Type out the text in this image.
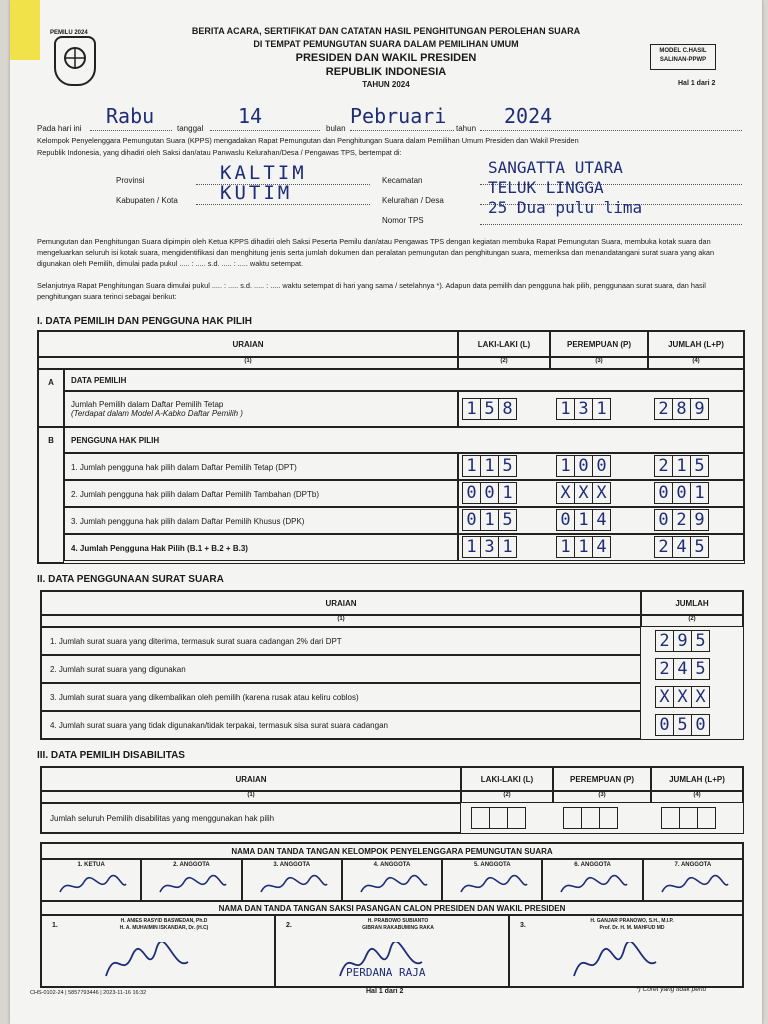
PEMILU 2024	BERITA ACARA, SERTIFIKAT DAN CATATAN HASIL PENGHITUNGAN PEROLEHAN SUARA
DI TEMPAT PEMUNGUTAN SUARA DALAM PEMILIHAN UMUM
PRESIDEN DAN WAKIL PRESIDEN
REPUBLIK INDONESIA
TAHUN 2024
MODEL C.HASIL SALINAN-PPWP
Hal 1 dari 2
Pada hari ini
Rabu
tanggal
14
bulan
Pebruari
tahun
2024
Kelompok Penyelenggara Pemungutan Suara (KPPS) mengadakan Rapat Pemungutan dan Penghitungan Suara dalam Pemilihan Umum Presiden dan Wakil Presiden
Republik Indonesia, yang dihadiri oleh Saksi dan/atau Panwaslu Kelurahan/Desa / Pengawas TPS, bertempat di:
Provinsi	KALTIM
Kabupaten / Kota KUTIM
Kecamatan
SANGATTA UTARA
Kelurahan / Desa
TELUK LINGGA
Nomor TPS
25 Dua pulu lima
Pemungutan dan Penghitungan Suara dipimpin oleh Ketua KPPS dihadiri oleh Saksi Peserta Pemilu dan/atau Pengawas TPS dengan kegiatan membuka Rapat Pemungutan Suara, membuka kotak suara dan mengeluarkan seluruh isi kotak suara, mengidentifikasi dan menghitung jenis serta jumlah dokumen dan peralatan pemungutan dan penghitungan suara, memeriksa dan menandatangani surat suara yang akan digunakan oleh Pemilih, dimulai pada pukul ..... : ..... s.d. ..... : ..... waktu setempat.
Selanjutnya Rapat Penghitungan Suara dimulai pukul ..... : ..... s.d. ..... : ..... waktu setempat di hari yang sama / setelahnya *). Adapun data pemilih dan pengguna hak pilih, penggunaan surat suara, dan hasil penghitungan suara terinci sebagai berikut:
I. DATA PEMILIH DAN PENGGUNA HAK PILIH
URAIAN	LAKI-LAKI (L)	PEREMPUAN (P)	JUMLAH (L+P)
(1)	(2)	(3)	(4)
A	DATA PEMILIH
Jumlah Pemilih dalam Daftar Pemilih Tetap
(Terdapat dalam Model A-Kabko Daftar Pemilih )	1 5 8	1 3 1	2 8 9
B	PENGGUNA HAK PILIH
1. Jumlah pengguna hak pilih dalam Daftar Pemilih Tetap (DPT)	1 1 5	1 0 0	2 1 5
2. Jumlah pengguna hak pilih dalam Daftar Pemilih Tambahan (DPTb)	0 0 1	X X X	0 0 1
3. Jumlah pengguna hak pilih dalam Daftar Pemilih Khusus (DPK)	0 1 5	0 1 4	0 2 9
4. Jumlah Pengguna Hak Pilih (B.1 + B.2 + B.3)	1 3 1	1 1 4	2 4 5
II. DATA PENGGUNAAN SURAT SUARA
URAIAN	JUMLAH
(1)	(2)
1. Jumlah surat suara yang diterima, termasuk surat suara cadangan 2% dari DPT	2 9 5
2. Jumlah surat suara yang digunakan	2 4 5
3. Jumlah surat suara yang dikembalikan oleh pemilih (karena rusak atau keliru coblos)	X X X
4. Jumlah surat suara yang tidak digunakan/tidak terpakai, termasuk sisa surat suara cadangan	0 5 0
III. DATA PEMILIH DISABILITAS
URAIAN	LAKI-LAKI (L)	PEREMPUAN (P)	JUMLAH (L+P)
(1)	(2)	(3)	(4)
Jumlah seluruh Pemilih disabilitas yang menggunakan hak pilih
NAMA DAN TANDA TANGAN KELOMPOK PENYELENGGARA PEMUNGUTAN SUARA
NAMA DAN TANDA TANGAN SAKSI PASANGAN CALON PRESIDEN DAN WAKIL PRESIDEN
1. KETUA	2. ANGGOTA	3. ANGGOTA	4. ANGGOTA	5. ANGGOTA	6. ANGGOTA	7. ANGGOTA
1.
H. ANIES RASYID BASWEDAN, Ph.D
H. A. MUHAIMIN ISKANDAR, Dr. (H.C)	2.
H. PRABOWO SUBIANTO
GIBRAN RAKABUMING RAKA
PERDANA RAJA
3.
H. GANJAR PRANOWO, S.H., M.I.P.
Prof. Dr. H. M. MAHFUD MD
CHS-0102-24 | 5857793446 | 2023-11-16 16:32	Hal 1 dari 2	*) Coret yang tidak perlu
